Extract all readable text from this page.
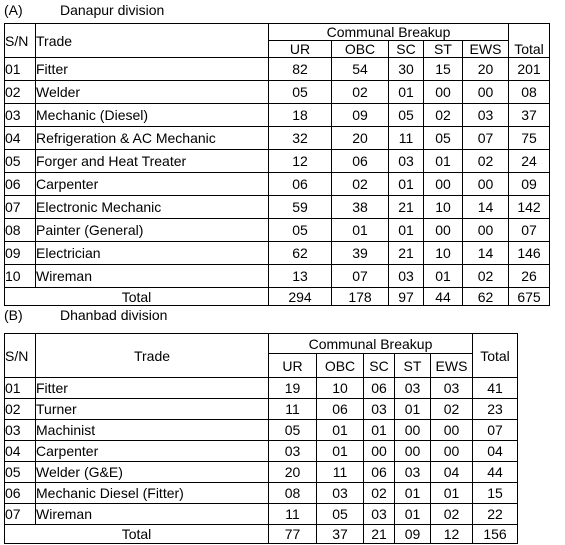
(A)	Danapur division
S/N	Trade	Communal Breakup					Total
		UR	OBC	SC	ST	EWS	
01	Fitter	82	54	30	15	20	201
02	Welder	05	02	01	00	00	08
03	Mechanic (Diesel)	18	09	05	02	03	37
04	Refrigeration & AC Mechanic	32	20	11	05	07	75
05	Forger and Heat Treater	12	06	03	01	02	24
06	Carpenter	06	02	01	00	00	09
07	Electronic Mechanic	59	38	21	10	14	142
08	Painter (General)	05	01	01	00	00	07
09	Electrician	62	39	21	10	14	146
10	Wireman	13	07	03	01	02	26
Total		294	178	97	44	62	675
(B)	Dhanbad division
S/N	Trade	Communal Breakup					Total
		UR	OBC	SC	ST	EWS	
01	Fitter	19	10	06	03	03	41
02	Turner	11	06	03	01	02	23
03	Machinist	05	01	01	00	00	07
04	Carpenter	03	01	00	00	00	04
05	Welder (G&E)	20	11	06	03	04	44
06	Mechanic Diesel (Fitter)	08	03	02	01	01	15
07	Wireman	11	05	03	01	02	22
Total		77	37	21	09	12	156
